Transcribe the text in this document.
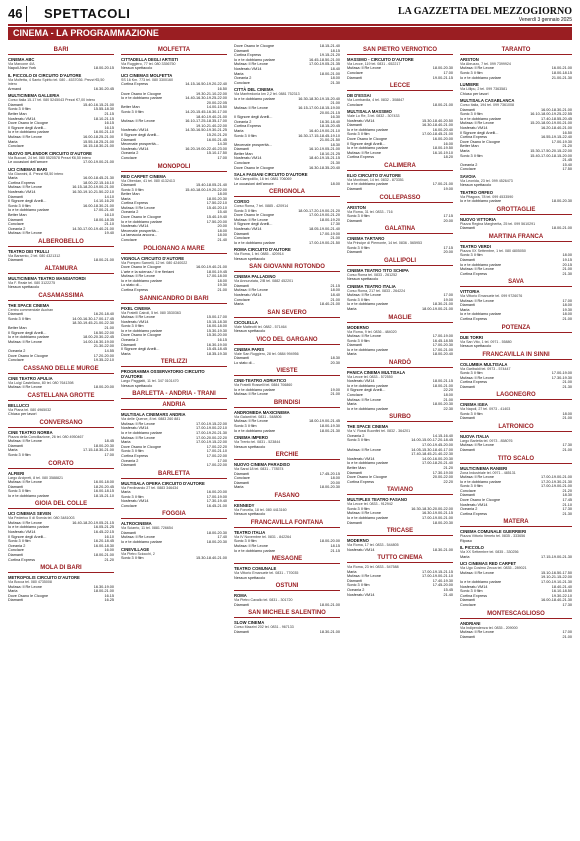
46	SPETTACOLI	LA GAZZETTA DEL MEZZOGIORNO
Venerdì 3 gennaio 2025
CINEMA - LA PROGRAMMAZIONE
BARI
CINEMA ABC
Via Marcone 4/A
Napoli-New York	18.00-20.15
IL PICCOLO DI CIRCUITO D'AUTORE
Via Molfetta, 4 Santo Spirito tel. 080 - 4537036. Prezzi €5,50 intero
Armand	16.30-20.45
MULTICINEMA GALLERIA
Corso Italia 15-17 tel. 080 5245043 Prezzi €7,00 intero
Diamanti	15.40-16.15-21.00
Sonic 3 Il film	15.55-18.30
Better Man	21.15
Nosferatu VM14	18.10-21.15
Dove Osano le Cicogne	16.15
Il Signore degli Anelli...	16.15
Io e te dobbiamo parlare	16.00-21.10
Mufasa: Il Re Leone	16.00-18.25-21.00
Maria	15.55-18.25-21.00
Conclave	16.15-18.30-21.00
NUOVO SPLENDOR CIRCUITO D'AUTORE
Via Buccari, 24 tel. 080 5520578 Prezzi €6,50 intero
Le occasioni dell'amore	17.00-19.00-21.00
UCI CINEMAS BARI
Via Giannini, 8. Prezzi €8,50 intero
Maria	16.00-18.45-21.30
Cortina Express	18.00-22.15-16.10
Mufasa: Il Re Leone	16.15-18.20-19.00-21.00
Nosferatu VM14	16.30-19.10-21.50-22.10
Diamanti	14.10
Il Signore degli Anelli...	14.10-16.20
Sonic 3 Il film	16.00-18.30-21.00
Io e te dobbiamo parlare	17.00-21.40
Better Man	16.10
Diamanti	18.00-18.35
Conclave	21.10
Oceania 2	14.30-17.00-19.40-21.00
Mufasa: Il Re Leone	19.40
ALBEROBELLO
TEATRO DEI TRULLI
Via Barsento, 2 tel. 080 4321312
Diamanti	18.00-21.00
ALTAMURA
MULTICINEMA TEATRO MANGIATORDI
Via F. Reale tel. 080 3122275
Nessun spettacolo
CASAMASSIMA
THE SPACE CINEMA
Centro commerciale Auchan
Diamanti	16.20-18.40
Sonic 3 Il film	14.00-16.30-17.00-17.45
18.30-19.45-21.00-22.30
Better Man	21.00
Il Signore degli Anelli...	16.50-22.00
Io e te dobbiamo parlare	18.00-20.30-22.45
Mufasa: Il Re Leone	14.00-16.30-19.00
21.30-22.00
Oceania 2	14.55
Dove Osano le Cicogne	17.20-20.00
Conclave	19.35-22.10
CASSANO DELLE MURGE
CINE TEATRO APULIA
Via Luigi Castellano, 80 tel. 080 7641398
Mufasa: Il Re Leone	18.00-20.00
CASTELLANA GROTTE
BELLUCCI
Via Piana tel. 080 4965032
Chiuso per lavori
CONVERSANO
CINE TEATRO NORBA
Piazza della Conciliazione, 26 tel. 080 4950467
Mufasa: Il Re Leone	18.45
Diamanti	18.00-20.30
Maria	17.15-18.30-21.00
Sonic 3 Il film	17.00
CORATO
ALFIERI
Largo Arcipreti, 8 tel. 080 3588821
Mufasa: Il Re Leone	16.00-18.00
Diamanti	18.20-20.45
Sonic 3 Il film	16.00-18.15
Io e te dobbiamo parlare	18.15-21.10
GIOIA DEL COLLE
UCI CINEMAS SEVEN
Via Federico II di Svevia tel. 080 3481003
Mufasa: Il Re Leone	16.40-18.20-19.05-21.15
Io e te dobbiamo parlare	16.05-21.25
Nosferatu VM14	16.45-22.15
Il Signore degli Anelli...	16.10
Sonic 3 Il film	16.20-18.45
Oceania 2	16.00-18.30
Conclave	16.00
Diamanti	18.00-21.00
Cortina Express	21.20
MOLA DI BARI
METROPOLIS CIRCUITO D'AUTORE
Via Bocca tel. 080 4735008
Mufasa: Il Re Leone	16.30-19.00
Maria	18.00-21.00
Dove Osano le Cicogne	16.15
Diamanti	16.25
MOLFETTA
CITTADELLA DEGLI ARTISTI
Via Ruggiero, 77 tel. 080 3356750
Nessun spettacolo
UCI CINEMAS MOLFETTA
SS 16 Km. 773 tel. 080 3300160
Cortina Express	14.15-16.50-19.20-22.40
16.50
Dove Osano le Cicogne	19.30-21.10-22.00
Io e te dobbiamo parlare	14.40-16.30-19.25-22.00
20.00-22.05
Better Man	14.00-15.50
Sonic 3 Il film	14.20-15.45-16.30-17.00
18.40-19.40-21.00
Mufasa: Il Re Leone	16.10-17.25-18.35-17.00
19.10-21.40-22.00
Nosferatu VM14	14.30-16.50-19.30-21.25
Il Signore degli Anelli...	15.20-21.20
Diamanti	16.00-21.45
Mecenate prosperità...	14.30
Nosferatu VM14	16.20-19.00-22.40-23.00
Oceania 2	15.10-17.50
Conclave	17.00
MONOPOLI
RED CARPET CINEMA
Via Oberdan, 41 tel. 080 4132413
Diamanti	15.40-18.05-21.40
Sonic 3 Il film	15.40-18.00-19.20-22.00
Better Man	18.00
Maria	18.00-20.30
Cortina Express	17.50-22.10
Mufasa: Il Re Leone	15.40-20.10
Oceania 2	15.40
Dove Osano le Cicogne	15.40-19.40
Io e te dobbiamo parlare	17.50-20.00
Nosferatu VM14	20.00
Mecenate prosperità...	18.00
La lamaccia ancora...	18.00
Conclave	21.40
POLIGNANO A MARE
VIGNOLA CIRCUITO D'AUTORE
Via Pompeo Sarnelli, 12 tel. 080 4240022
Dove Osano le Cicogne	16.00-19.40-21.00
L'arte e la scienza / Il re flerlami	18.00-19.45
Mufasa: Il Re Leone	17.00-18.00
Io e te dobbiamo parlare	18.00
Lo stato di...	19.30
Cortina Express	21.00
SANNICANDRO DI BARI
PIXEL CINEMA
Via Fratelli Cairoli, 5 tel. 080 3530363
Mufasa: Il Re Leone	15.00-17.00
Nosferatu VM14	15.15-18.30
Sonic 3 Il film	16.00-18.00
Io e te dobbiamo parlare	15.30-19.30
Dove Osano le Cicogne	15.30-20.00
Oceania 2	16.15
Diamanti	16.30-19.00
Il Signore degli Anelli...	15.45-18.45
Maria	18.35-19.30
TERLIZZI
PROGRAMMA OSSERVATORIO CIRCUITO D'AUTORE
Largo Paggiatti, 11 tel. 347 0101470
Nessun spettacolo
BARLETTA - ANDRIA - TRANI
ANDRIA
MULTISALA CINEMARS ANDRIA
Via delle Querce, 8 tel. 0883 260 881
Mufasa: Il Re Leone	17.00-19.15-22.00
Nosferatu VM14	17.00-19.00-22.10
Io e te dobbiamo parlare	17.00-19.20-21.30
Mufasa: Il Re Leone	17.00-20.00-22.20
Maria	17.00-19.15-22.00
Dove Osano le Cicogne	17.00-22.20
Sonic 3 Il film	17.00-21.10
Cortina Express	17.00-22.00
Oceania 2	17.00
Diamanti	17.00-22.00
BARLETTA
MULTISALA OPERA CIRCUITO D'AUTORE
Via Ferdinando 27 tel. 0883 346434
Maria	16.00-20.00
Sonic 3 Il film	17.00-19.00
Nosferatu VM14	17.30-19.40
Conclave	16.45-21.00
FOGGIA
ALTROCINEMA
Via Sciarrio, 11 tel. 0881 726654
Diamanti	18.00-20.30
Mufasa: Il Re Leone	17.40
Io e te dobbiamo parlare	18.00-20.30
CINEVILLAGE
Via Pietro Sciocchi, 2
Sonic 3 Il film	15.30-18.40-21.00
Dove Osano le Cicogne	18.15-21.40
Diamanti	18.15
Cortina Express	19.15-21.20
Io e te dobbiamo parlare	16.45-18.50-21.00
Mufasa: Il Re Leone	17.00-19.05-21.35
Nosferatu VM14	18.40
Maria	18.00-21.00
Oceania 2	18.00
Conclave	21.30
CITTÀ DEL CINEMA
Via Manfredonia km 2,2 tel. 0881 752313
Io e te dobbiamo parlare	16.30-18.30-19.15-20.40
21.00
Mufasa: Il Re Leone	16.15-17.00-18.15-19.00
20.00-21.15
Il Signore degli Anelli...	16.30
Oceania 2	16.30-18.40
Cortina Express	18.15-20.45
Maria	16.40-19.00-21.10
Sonic 3 Il film	16.30-17.15-18.45-19.10
21.00-21.50
Mecenate prosperità...	18.30
Diamanti	16.10-19.05-21.00
Better Man	18.10-21.25
Nosferatu VM14	18.40-19.15-21.15
Conclave	21.30
Dove Osano le Cicogne	16.30-18.35-20.40
SALA FAGIANI CIRCUITO D'AUTORE
Via Ciampolillo, 16 tel. 0881 706069
Le occasioni dell'amore	18.00
CERIGNOLA
CORSO
Corso Roma, 7 tel. 0885 - 420914
Sonic 3 Il film	18.00-17.20-19.00-21.20
Dove Osano le Cicogne	17.00-19.00-21.20
Mufasa: Il Re Leone	18.00-19.20
Il Signore degli Anelli...	17.30
Nosferatu VM14	18.05-19.00-21.40
Diamanti	17.00-19.00
Conclave	21.00
Io e te dobbiamo parlare	17.00-19.00-21.50
ROMA CIRCUITO D'AUTORE
Via Roma, 1 tel. 0885 - 420914
Nessun spettacolo
SAN GIOVANNI ROTONDO
CINEMA PALLADINO
Via Annunziata, 2/B tel. 0882 452201
Diamanti	21.15
Mufasa: Il Re Leone	18.00
Nosferatu VM14	18.40
Conclave	21.00
Maria	18.40-21.00
SAN SEVERO
CICOLELLA
Viale Matteotti tel. 0882 - 571464
Nessun spettacolo
VICO DEL GARGANO
CINEMA PARIS
Viale San Ruggiero, 28 tel. 0884 994956
Diamanti	18.30
Lo stato di...	20.30
VIESTE
CINE-TEATRO ADRIATICO
Via Fratelli Rosselli tel. 0884 706860
Io e te dobbiamo parlare	19.00
Mufasa: Il Re Leone	21.00
BRINDISI
ANDROMEDA MAXICINEMA
Via Galanti tel. 0831 - 548806
Mufasa: Il Re Leone	18.00-19.00-21.45
Sonic 3 Il film	18.00-19.30
Io e te dobbiamo parlare	18.00-21.30
CINEMA IMPERO
Via Trento tel. 0831 - 523844
Nessun spettacolo
ERCHIE
NUOVO CINEMA PARADISO
Via Sarai 18 tel. 0831 - 778574
Diamanti	17.45-20.15
Conclave	18.00
Diamanti	20.00
Maria	18.00-20.30
FASANO
KENNEDY
Via Forcella, 18 tel. 080 4413160
Nessun spettacolo
FRANCAVILLA FONTANA
TEATRO ITALIA
Via IV Novembre tel. 0831 - 842264
Sonic 3 Il film	18.00-20.00
Mufasa: Il Re Leone	18.15
Io e te dobbiamo parlare	21.15
MESAGNE
TEATRO COMUNALE
Via Vittorio Emanuele tel. 0831 - 770035
Nessun spettacolo
OSTUNI
ROMA
Via Pietro Cavallo tel. 0831 - 301720
Diamanti	18.00-21.00
SAN MICHELE SALENTINO
SLOW CINEMA
Corso Mazzini 202 tel. 0831 - 967133
Diamanti	18.30-21.00
SAN PIETRO VERNOTICO
MASSIMO - CIRCUITO D'AUTORE
Via Lecce, 119 tel. 0831 - 652217
Mufasa: Il Re Leone	18.00-20.30
Conclave	17.00
Diamanti	19.00-21.15
LECCE
DB D'ESSAI
Via Lombardia, 4 tel. 0832 - 308847
Conclave	18.00-21.00
MULTISALA MASSIMO
Viale Lo Re, 3 tel. 0832 - 307433
Nosferatu VM14	15.30-18.40-20.50
Diamanti	16.30-18.40-21.00
Io e te dobbiamo parlare	16.00-20.40
Sonic 3 Il film	17.00-18.45-21.00
Dove Osano le Cicogne	16.00-20.00
Il Signore degli Anelli...	16.00
Io e te dobbiamo parlare	18.00-19.50
Mufasa: Il Re Leone	16.10-19.10
Cortina Express	18.20
CALIMERA
ELIO CIRCUITO D'AUTORE
Via Montinari, 14 tel. 0832 - 873351
Io e te dobbiamo parlare	17.00-21.00
Diamanti	19.00
COLLEPASSO
ARISTON
Via Roma, 31 tel. 0833 - 716
Sonic 3 Il film	17.15
Diamanti	20.00
GALATINA
CINEMA TARTARO
Via Principe di Piemonte, 14 tel. 0836 - 565953
Sonic 3 Il film	17.15
Diamanti	20.00
GALLIPOLI
CINEMA TEATRO TITO SCHIPA
Corso Roma tel. 0833 - 261252
Nessun spettacolo
CINEMA TEATRO ITALIA
Corso Roma, 217 tel. 0833 - 264224
Mufasa: Il Re Leone	17.00
Sonic 3 Il film	19.00
Io e te dobbiamo parlare	18.30-21.00
Maria	18.00-19.00-21.00
MAGLIE
MODERNO
Via Roma, 9 tel. 0836 - 484020
Mufasa: Il Re Leone	17.00-19.00
Sonic 3 Il film	16.45-18.55
Diamanti	17.00-20.30
Io e te dobbiamo parlare	17.00-21.00
Maria	18.00-20.40
NARDÒ
PANICA CINEMA MULTISALA
Via Lecce tel. 0833 - 572550
Nosferatu VM14	18.00-21.15
Io e te dobbiamo parlare	18.00-21.00
Il Signore degli Anelli...	22.20
Conclave	18.00
Mufasa: Il Re Leone	21.00
Maria	18.00-20.30
Io e te dobbiamo parlare	22.30
SURBO
THE SPACE CINEMA
Via V. Rossi Buonfini tel. 0832 - 364201
Oceania 2	14.15-16.40
Sonic 3 Il film	14.00-15.00-17.20-18.45
17.00-19.45-20.00
Mufasa: Il Re Leone	14.05-15.30-18.40-17.00
17.40-18.45-21.40-22.30
Nosferatu VM14	14.00-16.00-20.30
Io e te dobbiamo parlare	17.00-18.20-21.40
Better Man	21.20
Diamanti	17.30-19.00
Dove Osano le Cicogne	20.00-22.00
Cortina Express	22.20
TAVIANO
MULTIPLEX TEATRO FASANO
Via Lecce tel. 0833 - 912942
Sonic 3 Il film	16.30-18.30-20.00-22.00
Mufasa: Il Re Leone	16.30-19.00-21.15
Io e te dobbiamo parlare	17.00-19.00-21.00
Diamanti	18.00-20.30
TRICASE
MODERNO
Via Roma, 17 tel. 0833 - 544805
Nosferatu VM14	18.30-21.00
TUTTO CINEMA
Via Roma, 23 tel. 0833 - 547588
Maria	17.00-19.15-21.15
Mufasa: Il Re Leone	17.00-19.00-21.10
Diamanti	17.40-19.30
Sonic 3 Il film	17.45-20.00
Oceania 2	15.45
Nosferatu VM14	21.40
TARANTO
ARISTON
Via Abruzzo, 7 tel. 099 7399924
Mufasa: Il Re Leone	16.00-21.00
Sonic 3 Il film	18.00-18.15
Io e te dobbiamo parlare	21.00-21.30
LUMIERE
Via Lillipu, 2 tel. 099 7363581
Chiuso per lavori
MULTISALA CASABLANCA
Corso Italia, 194 tel. 099 7361008
Diamanti	16.00-18.30-21.00
Sonic 3 Il film	16.10-18.00-19.25-22.55
Io e te dobbiamo parlare	17.40-18.55-20.45
Mufasa: Il Re Leone	15.20-18.00-19.00-21.00
Nosferatu VM14	16.20-18.40-21.00
Il Signore degli Anelli...	16.50
Cortina Express	16.55-19.15-22.40
Dove Osano le Cicogne	17.00-19.30
Better Man	21.20
Maria	15.30-17.50-20.15-22.00
Sonic 3 Il film	15.40-17.00-18.15-20.00
21.45
Oceania 2	15.40
Conclave	17.50
SAVOIA
Via Leonida, 23 tel. 099 4526473
Nessun spettacolo
TEATRO ORFEO
Via Pitagora, 78 tel. 099 4533590
Io e te dobbiamo parlare	18.00-20.30
GROTTAGLIE
NUOVO VITTORIA
Piazza Regina Margherita, 25 tel. 099 5610291
Diamanti	18.00-21.00
MARTINA FRANCA
TEATRO VERDI
Piazza XX Settembre, 1 tel. 080 4805050
Sonic 3 Il film	18.00
Diamanti	19.15
Io e te dobbiamo parlare	20.15
Mufasa: Il Re Leone	21.00
Cortina Express	21.30
SAVA
VITTORIA
Via Vittorio Emanuele tel. 099 9726076
Mufasa: Il Re Leone	17.00
Diamanti	18.00
Maria	19.30
Io e te dobbiamo parlare	18.00
Cortina Express	21.00
POTENZA
DUE TORRI
Via San Vito, 1 tel. 0971 - 55880
Nessun spettacolo
FRANCAVILLA IN SINNI
COLUMBIA MULTISALA
Via Garibaldi tel. 0973 - 574447
Sonic 3 Il film	17.00-19.00
Mufasa: Il Re Leone	17.30-19.30
Cortina Express	21.00
Diamanti	21.30
LAGONEGRO
CINEMA IGEA
Via Napoli, 27 tel. 0973 - 41403
Sonic 3 Il film	18.00
Diamanti	21.00
LATRONICO
NUOVA ITALIA
Largo Barletta tel. 0973 - 858076
Mufasa: Il Re Leone	17.30
Diamanti	21.00
TITO SCALO
MULTICINEMA RANIERI
Zona Industriale tel. 0971 - 485131
Mufasa: Il Re Leone	17.00-19.00-21.00
Io e te dobbiamo parlare	17.20-19.30-21.30
Sonic 3 Il film	17.00-19.00-21.00
Conclave	21.20
Diamanti	18.30
Dove Osano le Cicogne	17.45
Nosferatu VM14	21.10
Oceania 2	17.30
Cortina Express	21.30
MATERA
CINEMA COMUNALE GUERRIERI
Piazza Vittorio Veneto tel. 0835 - 333656
Riposo
IL PICCOLO
Via XX Settembre tel. 0835 - 330256
Maria	17.15-19.00-21.30
UCI CINEMAS RED CARPET
Via Ugo Cosimo Zecca tel. 0835 - 289021
Mufasa: Il Re Leone	15.10-16.50-17.50
19.10-21.15-22.00
Io e te dobbiamo parlare	17.00-19.10-21.30
Nosferatu VM14	18.40-21.40
Sonic 3 Il film	16.10-18.50
Cortina Express	19.30-22.10
Diamanti	16.00-18.40-21.30
Conclave	17.30
MONTESCAGLIOSO
ANDRIANI
Via Indipendenza tel. 0835 - 209000
Mufasa: Il Re Leone	17.00
Diamanti	21.00
